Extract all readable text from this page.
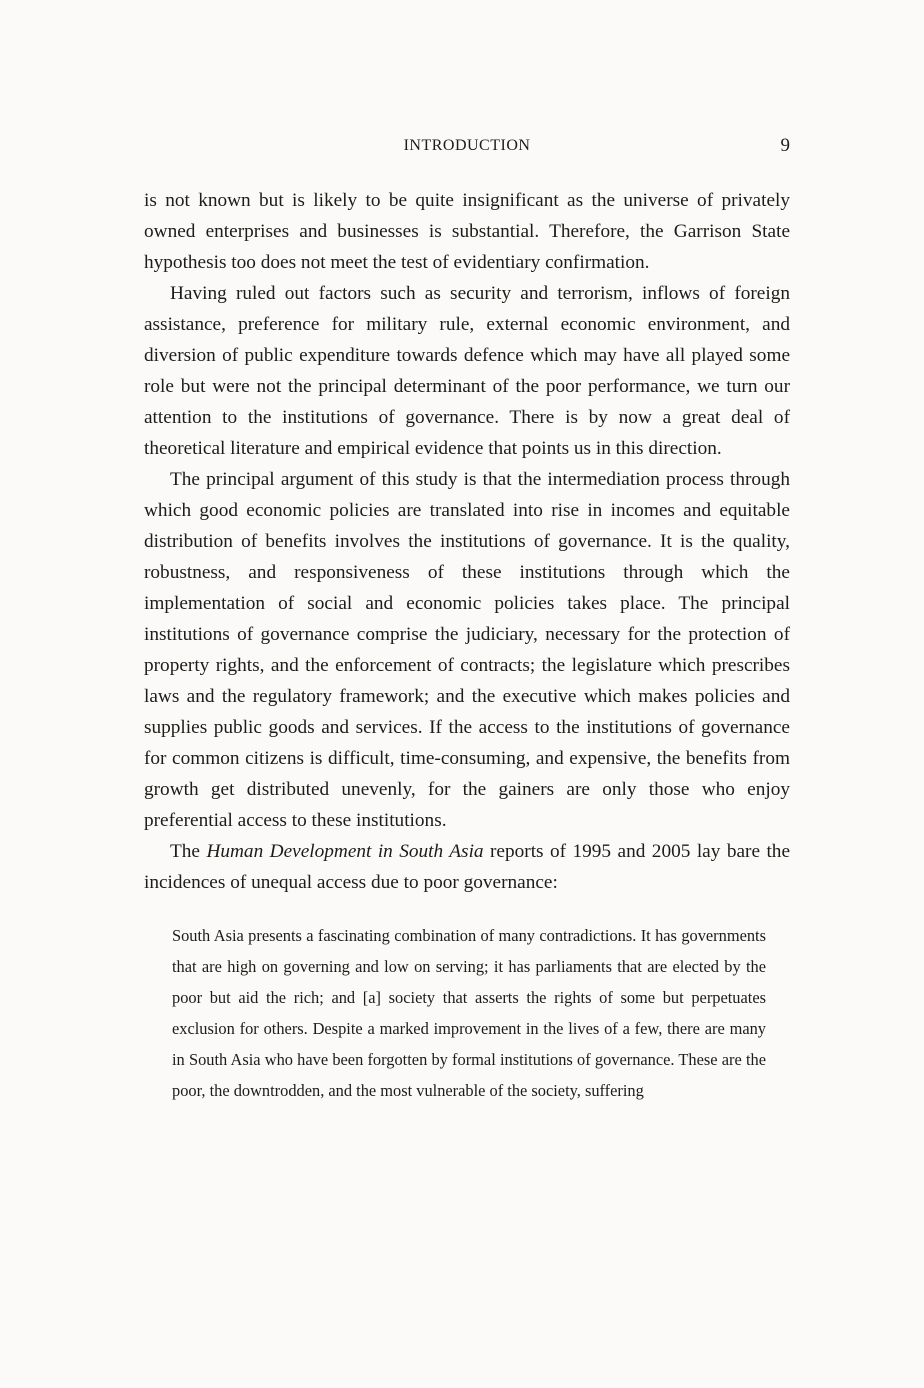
INTRODUCTION	9

is not known but is likely to be quite insignificant as the universe of privately owned enterprises and businesses is substantial. Therefore, the Garrison State hypothesis too does not meet the test of evidentiary confirmation.

Having ruled out factors such as security and terrorism, inflows of foreign assistance, preference for military rule, external economic environment, and diversion of public expenditure towards defence which may have all played some role but were not the principal determinant of the poor performance, we turn our attention to the institutions of governance. There is by now a great deal of theoretical literature and empirical evidence that points us in this direction.

The principal argument of this study is that the intermediation process through which good economic policies are translated into rise in incomes and equitable distribution of benefits involves the institutions of governance. It is the quality, robustness, and responsiveness of these institutions through which the implementation of social and economic policies takes place. The principal institutions of governance comprise the judiciary, necessary for the protection of property rights, and the enforcement of contracts; the legislature which prescribes laws and the regulatory framework; and the executive which makes policies and supplies public goods and services. If the access to the institutions of governance for common citizens is difficult, time-consuming, and expensive, the benefits from growth get distributed unevenly, for the gainers are only those who enjoy preferential access to these institutions.

The Human Development in South Asia reports of 1995 and 2005 lay bare the incidences of unequal access due to poor governance:

South Asia presents a fascinating combination of many contradictions. It has governments that are high on governing and low on serving; it has parliaments that are elected by the poor but aid the rich; and [a] society that asserts the rights of some but perpetuates exclusion for others. Despite a marked improvement in the lives of a few, there are many in South Asia who have been forgotten by formal institutions of governance. These are the poor, the downtrodden, and the most vulnerable of the society, suffering
